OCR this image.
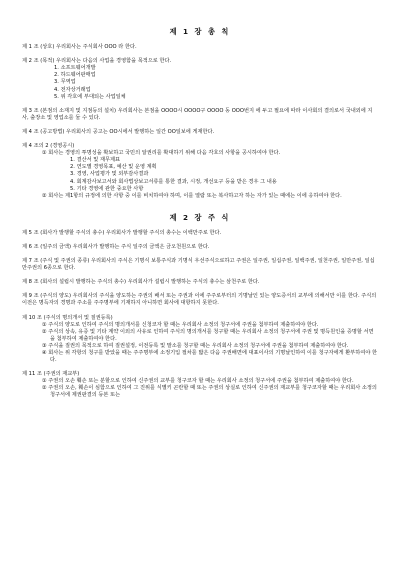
제 1 장 총 칙
제 1 조 (상호) 우리회사는 주식회사 OOO 라 한다.
제 2 조 (목적) 우리회사는 다음의 사업을 경영함을 목적으로 한다.
1. 소프트웨어개발
2. 하드웨어판매업
3. 무역업
4. 전자상거래업
5. 위 각호에 부대되는 사업일체
제 3 조 (본점의 소재지 및 지점등의 설치) 우리회사는 본점을 OOOO시 OOOO구 OOOO 동 OOO번지 에 두고 필요에 따라 이사회의 결의로서 국내외에 지사, 출장소 및 영업소를 둘 수 있다.
제 4 조 (공고방법) 우리회사의 공고는 OO시에서 발행하는 일간 OO일보에 게재한다.
제 4 조의 2 (경영공시)
① 회사는 경영의 투명성을 확보하고 국민의 알권리를 확대하기 위해 다음 각호의 사항을 공시하여야 한다.
1. 결산서 및 재무제표
2. 연도별 경영목표, 예산 및 운영 계획
3. 경영, 사업평가 및 외부감사결과
4. 회계감사보고서와 회사법상보고서류를 통한 결과, 시정, 개선요구 등을 받은 경우 그 내용
5. 기타 경영에 관한 중요한 사항
② 회사는 제1항의 규정에 의한 사항 중 이를 비치하여야 하며, 이를 열람 또는 복사하고자 하는 자가 있는 때에는 이에 응하여야 한다.
제 2 장 주 식
제 5 조 (회사가 발행할 주식의 총수) 우리회사가 발행할 주식의 총수는 이백만주로 한다.
제 6 조 (일주의 금액) 우리회사가 발행하는 주식 일주의 금액은 금오천원으로 한다.
제 7 조 (주식 및 주권의 종류) 우리회사의 주식은 기명식 보통주식과 기명식 우선주식으로하고 주권은 일주권, 일십주권, 일백주권, 일천주권, 일만주권, 일십만주권의 6종으로 한다.
제 8 조 (회사의 설립시 발행하는 주식의 총수) 우리회사가 설립시 발행하는 주식의 총수는 삼천주로 한다.
제 9 조 (주식의 양도) 우리회사의 주식을 양도하는 주권의 배서 또는 주권과 이에 주주로부터의 기명날인 있는 양도증서의 교부에 의해서만 이를 한다. 주식의 이전은 명득자의 경명과 주소를 주주명부에 기재하지 아니하면 회사에 대항하지 못한다.
제 10 조 (주식의 명의개서 및 질권등록)
① 주식의 양도로 인하여 주식의 명의개서를 신청코자 할 때는 우리회사 소정의 청구서에 주권을 첨부하여 제출하여야 한다.
② 주식의 상속, 유증 및 기타 계약 이외의 사유로 인하여 주식의 명의개서를 청구할 때는 우리회사 소정의 청구서에 주권 및 명득원인을 증명할 서면을 첨부하여 제출하여야 한다.
③ 주식을 질권의 목적으로 하여 질권설정, 이전등록 및 말소를 청구할 때는 우리회사 소정의 청구서에 주권을 첨부하여 제출하여야 한다.
④ 회사는 위 각항의 청구를 받았을 때는 주주명부에 소정기입 절차를 밟은 다음 주권배면에 대표이사의 기명날인하여 이를 청구자에게 환부하여야 한다.
제 11 조 (주권의 재교부)
① 주권의 오손 훼손 또는 분할으로 인하여 신주권의 교부를 청구코자 할 때는 우리회사 소정의 청구서에 주권을 첨부하여 제출하여야 한다.
② 주권의 오손, 훼손이 심함으로 인하여 그 진위를 식별키 곤란할 때 또는 주권의 상실로 인하여 신주권의 재교부를 청구코자할 때는 우리회사 소정의 청구서에 제권판결의 등본 또는
